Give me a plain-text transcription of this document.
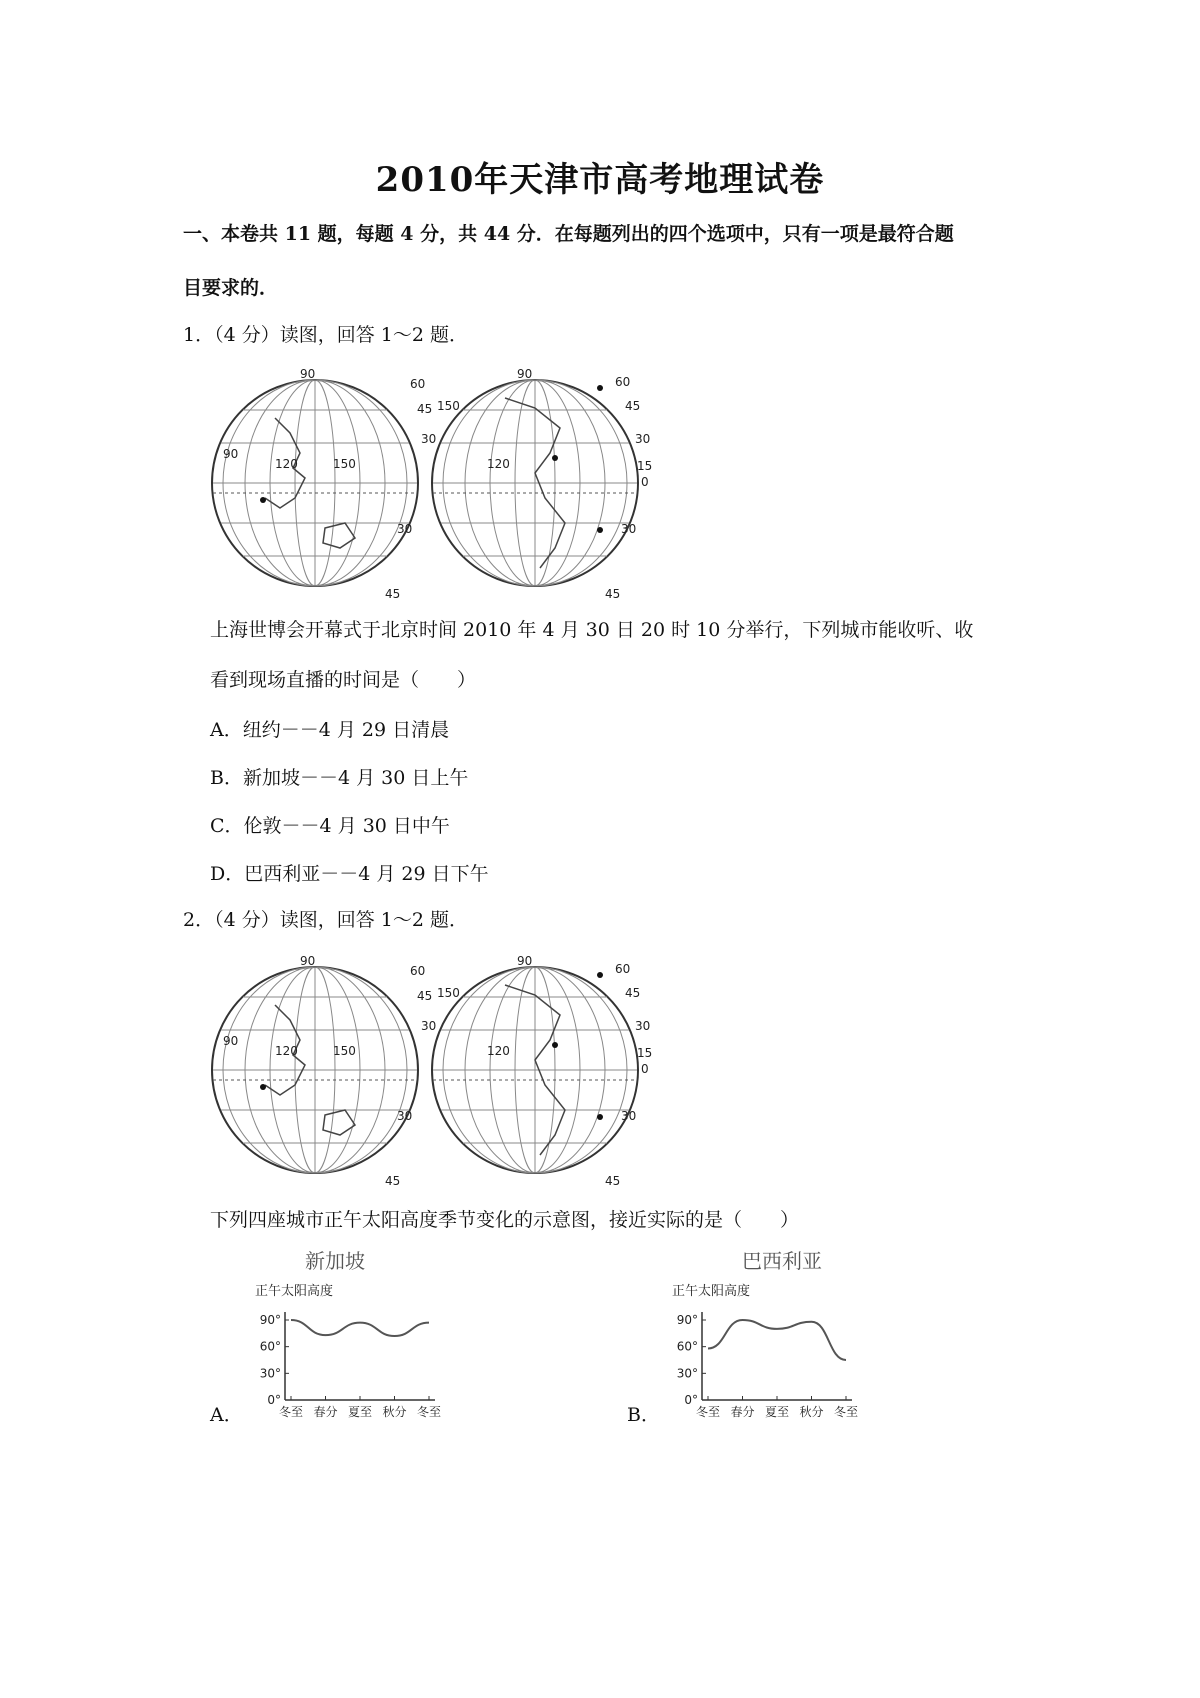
2010年天津市高考地理试卷
一、本卷共 11 题，每题 4 分，共 44 分．在每题列出的四个选项中，只有一项是最符合题
目要求的．
1．（4 分）读图，回答 1～2 题．
90
60
45
30
120	150
90
30
45
90
60
45
30
15
0
150
120
30
45
上海世博会开幕式于北京时间 2010 年 4 月 30 日 20 时 10 分举行，下列城市能收听、收
看到现场直播的时间是（　　）
A．纽约－－4 月 29 日清晨
B．新加坡－－4 月 30 日上午
C．伦敦－－4 月 30 日中午
D．巴西利亚－－4 月 29 日下午
2．（4 分）读图，回答 1～2 题．
90
60
45
30
120	150
90
30
45
90
60
45
30
15
0
150
120
30
45
下列四座城市正午太阳高度季节变化的示意图，接近实际的是（　　）
新加坡
正午太阳高度
90°
60°
30°
0°
冬至 春分 夏至 秋分 冬至
A．
巴西利亚
正午太阳高度
90°
60°
30°
0°
冬至 春分 夏至 秋分 冬至
B．
